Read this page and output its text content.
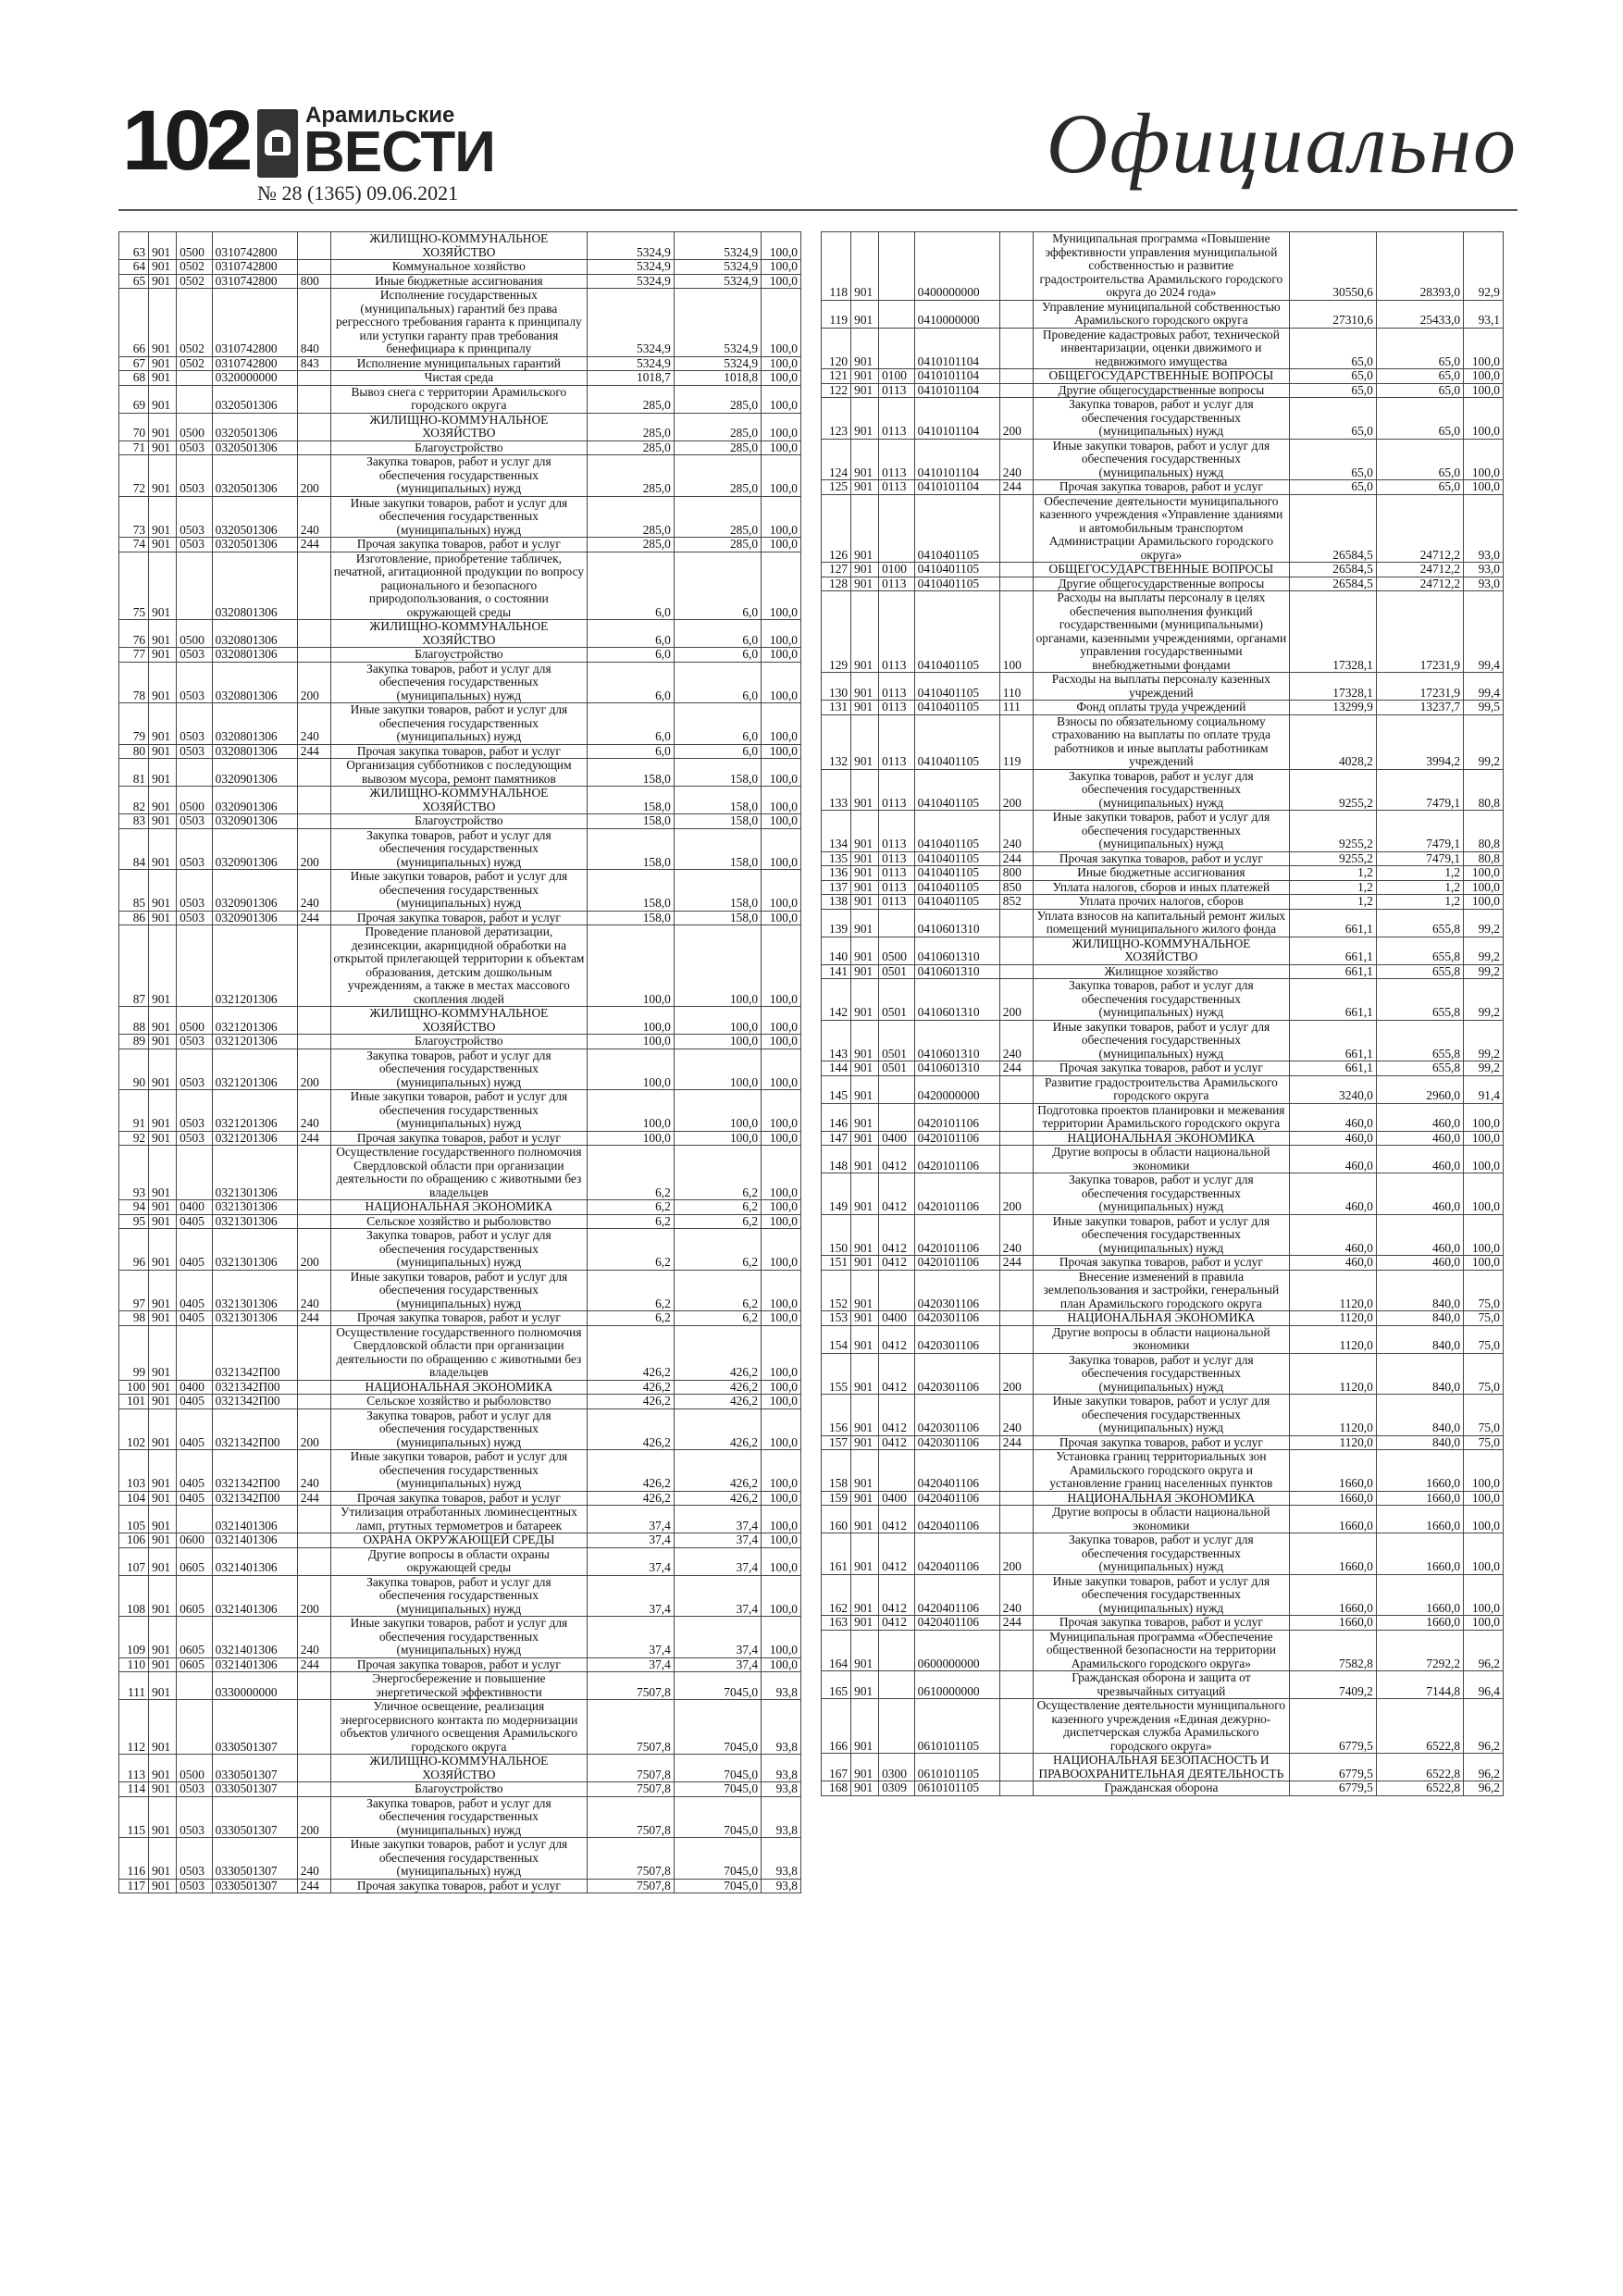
102	Арамильские
ВЕСТИ
№ 28 (1365) 09.06.2021
Официально
63	901	0500	0310742800		ЖИЛИЩНО-КОММУНАЛЬНОЕ ХОЗЯЙСТВО	5324,9	5324,9	100,0
64	901	0502	0310742800		Коммунальное хозяйство	5324,9	5324,9	100,0
65	901	0502	0310742800	800	Иные бюджетные ассигнования	5324,9	5324,9	100,0
66	901	0502	0310742800	840	Исполнение государственных (муниципальных) гарантий без права регрессного требования гаранта к принципалу или уступки гаранту прав требования бенефициара к принципалу	5324,9	5324,9	100,0
67	901	0502	0310742800	843	Исполнение муниципальных гарантий	5324,9	5324,9	100,0
68	901		0320000000		Чистая среда	1018,7	1018,8	100,0
69	901		0320501306		Вывоз снега с территории Арамильского городского округа	285,0	285,0	100,0
70	901	0500	0320501306		ЖИЛИЩНО-КОММУНАЛЬНОЕ ХОЗЯЙСТВО	285,0	285,0	100,0
71	901	0503	0320501306		Благоустройство	285,0	285,0	100,0
72	901	0503	0320501306	200	Закупка товаров, работ и услуг для обеспечения государственных (муниципальных) нужд	285,0	285,0	100,0
73	901	0503	0320501306	240	Иные закупки товаров, работ и услуг для обеспечения государственных (муниципальных) нужд	285,0	285,0	100,0
74	901	0503	0320501306	244	Прочая закупка товаров, работ и услуг	285,0	285,0	100,0
75	901		0320801306		Изготовление, приобретение табличек, печатной, агитационной продукции по вопросу рационального и безопасного природопользования, о состоянии окружающей среды	6,0	6,0	100,0
76	901	0500	0320801306		ЖИЛИЩНО-КОММУНАЛЬНОЕ ХОЗЯЙСТВО	6,0	6,0	100,0
77	901	0503	0320801306		Благоустройство	6,0	6,0	100,0
78	901	0503	0320801306	200	Закупка товаров, работ и услуг для обеспечения государственных (муниципальных) нужд	6,0	6,0	100,0
79	901	0503	0320801306	240	Иные закупки товаров, работ и услуг для обеспечения государственных (муниципальных) нужд	6,0	6,0	100,0
80	901	0503	0320801306	244	Прочая закупка товаров, работ и услуг	6,0	6,0	100,0
81	901		0320901306		Организация субботников с последующим вывозом мусора, ремонт памятников	158,0	158,0	100,0
82	901	0500	0320901306		ЖИЛИЩНО-КОММУНАЛЬНОЕ ХОЗЯЙСТВО	158,0	158,0	100,0
83	901	0503	0320901306		Благоустройство	158,0	158,0	100,0
84	901	0503	0320901306	200	Закупка товаров, работ и услуг для обеспечения государственных (муниципальных) нужд	158,0	158,0	100,0
85	901	0503	0320901306	240	Иные закупки товаров, работ и услуг для обеспечения государственных (муниципальных) нужд	158,0	158,0	100,0
86	901	0503	0320901306	244	Прочая закупка товаров, работ и услуг	158,0	158,0	100,0
87	901		0321201306		Проведение плановой дератизации, дезинсекции, акарицидной обработки на открытой прилегающей территории к объектам образования, детским дошкольным учреждениям, а также в местах массового скопления людей	100,0	100,0	100,0
88	901	0500	0321201306		ЖИЛИЩНО-КОММУНАЛЬНОЕ ХОЗЯЙСТВО	100,0	100,0	100,0
89	901	0503	0321201306		Благоустройство	100,0	100,0	100,0
90	901	0503	0321201306	200	Закупка товаров, работ и услуг для обеспечения государственных (муниципальных) нужд	100,0	100,0	100,0
91	901	0503	0321201306	240	Иные закупки товаров, работ и услуг для обеспечения государственных (муниципальных) нужд	100,0	100,0	100,0
92	901	0503	0321201306	244	Прочая закупка товаров, работ и услуг	100,0	100,0	100,0
93	901		0321301306		Осуществление государственного полномочия Свердловской области при организации деятельности по обращению с животными без владельцев	6,2	6,2	100,0
94	901	0400	0321301306		НАЦИОНАЛЬНАЯ ЭКОНОМИКА	6,2	6,2	100,0
95	901	0405	0321301306		Сельское хозяйство и рыболовство	6,2	6,2	100,0
96	901	0405	0321301306	200	Закупка товаров, работ и услуг для обеспечения государственных (муниципальных) нужд	6,2	6,2	100,0
97	901	0405	0321301306	240	Иные закупки товаров, работ и услуг для обеспечения государственных (муниципальных) нужд	6,2	6,2	100,0
98	901	0405	0321301306	244	Прочая закупка товаров, работ и услуг	6,2	6,2	100,0
99	901		0321342П00		Осуществление государственного полномочия Свердловской области при организации деятельности по обращению с животными без владельцев	426,2	426,2	100,0
100	901	0400	0321342П00		НАЦИОНАЛЬНАЯ ЭКОНОМИКА	426,2	426,2	100,0
101	901	0405	0321342П00		Сельское хозяйство и рыболовство	426,2	426,2	100,0
102	901	0405	0321342П00	200	Закупка товаров, работ и услуг для обеспечения государственных (муниципальных) нужд	426,2	426,2	100,0
103	901	0405	0321342П00	240	Иные закупки товаров, работ и услуг для обеспечения государственных (муниципальных) нужд	426,2	426,2	100,0
104	901	0405	0321342П00	244	Прочая закупка товаров, работ и услуг	426,2	426,2	100,0
105	901		0321401306		Утилизация отработанных люминесцентных ламп, ртутных термометров и батареек	37,4	37,4	100,0
106	901	0600	0321401306		ОХРАНА ОКРУЖАЮЩЕЙ СРЕДЫ	37,4	37,4	100,0
107	901	0605	0321401306		Другие вопросы в области охраны окружающей среды	37,4	37,4	100,0
108	901	0605	0321401306	200	Закупка товаров, работ и услуг для обеспечения государственных (муниципальных) нужд	37,4	37,4	100,0
109	901	0605	0321401306	240	Иные закупки товаров, работ и услуг для обеспечения государственных (муниципальных) нужд	37,4	37,4	100,0
110	901	0605	0321401306	244	Прочая закупка товаров, работ и услуг	37,4	37,4	100,0
111	901		0330000000		Энергосбережение и повышение энергетической эффективности	7507,8	7045,0	93,8
112	901		0330501307		Уличное освещение, реализация энергосервисного контакта по модернизации объектов уличного освещения Арамильского городского округа	7507,8	7045,0	93,8
113	901	0500	0330501307		ЖИЛИЩНО-КОММУНАЛЬНОЕ ХОЗЯЙСТВО	7507,8	7045,0	93,8
114	901	0503	0330501307		Благоустройство	7507,8	7045,0	93,8
115	901	0503	0330501307	200	Закупка товаров, работ и услуг для обеспечения государственных (муниципальных) нужд	7507,8	7045,0	93,8
116	901	0503	0330501307	240	Иные закупки товаров, работ и услуг для обеспечения государственных (муниципальных) нужд	7507,8	7045,0	93,8
117	901	0503	0330501307	244	Прочая закупка товаров, работ и услуг	7507,8	7045,0	93,8
118	901		0400000000		Муниципальная программа «Повышение эффективности управления муниципальной собственностью и развитие градостроительства Арамильского городского округа до 2024 года»	30550,6	28393,0	92,9
119	901		0410000000		Управление муниципальной собственностью Арамильского городского округа	27310,6	25433,0	93,1
120	901		0410101104		Проведение кадастровых работ, технической инвентаризации, оценки движимого и недвижимого имущества	65,0	65,0	100,0
121	901	0100	0410101104		ОБЩЕГОСУДАРСТВЕННЫЕ ВОПРОСЫ	65,0	65,0	100,0
122	901	0113	0410101104		Другие общегосударственные вопросы	65,0	65,0	100,0
123	901	0113	0410101104	200	Закупка товаров, работ и услуг для обеспечения государственных (муниципальных) нужд	65,0	65,0	100,0
124	901	0113	0410101104	240	Иные закупки товаров, работ и услуг для обеспечения государственных (муниципальных) нужд	65,0	65,0	100,0
125	901	0113	0410101104	244	Прочая закупка товаров, работ и услуг	65,0	65,0	100,0
126	901		0410401105		Обеспечение деятельности муниципального казенного учреждения «Управление зданиями и автомобильным транспортом Администрации Арамильского городского округа»	26584,5	24712,2	93,0
127	901	0100	0410401105		ОБЩЕГОСУДАРСТВЕННЫЕ ВОПРОСЫ	26584,5	24712,2	93,0
128	901	0113	0410401105		Другие общегосударственные вопросы	26584,5	24712,2	93,0
129	901	0113	0410401105	100	Расходы на выплаты персоналу в целях обеспечения выполнения функций государственными (муниципальными) органами, казенными учреждениями, органами управления государственными внебюджетными фондами	17328,1	17231,9	99,4
130	901	0113	0410401105	110	Расходы на выплаты персоналу казенных учреждений	17328,1	17231,9	99,4
131	901	0113	0410401105	111	Фонд оплаты труда учреждений	13299,9	13237,7	99,5
132	901	0113	0410401105	119	Взносы по обязательному социальному страхованию на выплаты по оплате труда работников и иные выплаты работникам учреждений	4028,2	3994,2	99,2
133	901	0113	0410401105	200	Закупка товаров, работ и услуг для обеспечения государственных (муниципальных) нужд	9255,2	7479,1	80,8
134	901	0113	0410401105	240	Иные закупки товаров, работ и услуг для обеспечения государственных (муниципальных) нужд	9255,2	7479,1	80,8
135	901	0113	0410401105	244	Прочая закупка товаров, работ и услуг	9255,2	7479,1	80,8
136	901	0113	0410401105	800	Иные бюджетные ассигнования	1,2	1,2	100,0
137	901	0113	0410401105	850	Уплата налогов, сборов и иных платежей	1,2	1,2	100,0
138	901	0113	0410401105	852	Уплата прочих налогов, сборов	1,2	1,2	100,0
139	901		0410601310		Уплата взносов на капитальный ремонт жилых помещений муниципального жилого фонда	661,1	655,8	99,2
140	901	0500	0410601310		ЖИЛИЩНО-КОММУНАЛЬНОЕ ХОЗЯЙСТВО	661,1	655,8	99,2
141	901	0501	0410601310		Жилищное хозяйство	661,1	655,8	99,2
142	901	0501	0410601310	200	Закупка товаров, работ и услуг для обеспечения государственных (муниципальных) нужд	661,1	655,8	99,2
143	901	0501	0410601310	240	Иные закупки товаров, работ и услуг для обеспечения государственных (муниципальных) нужд	661,1	655,8	99,2
144	901	0501	0410601310	244	Прочая закупка товаров, работ и услуг	661,1	655,8	99,2
145	901		0420000000		Развитие градостроительства Арамильского городского округа	3240,0	2960,0	91,4
146	901		0420101106		Подготовка проектов планировки и межевания территории Арамильского городского округа	460,0	460,0	100,0
147	901	0400	0420101106		НАЦИОНАЛЬНАЯ ЭКОНОМИКА	460,0	460,0	100,0
148	901	0412	0420101106		Другие вопросы в области национальной экономики	460,0	460,0	100,0
149	901	0412	0420101106	200	Закупка товаров, работ и услуг для обеспечения государственных (муниципальных) нужд	460,0	460,0	100,0
150	901	0412	0420101106	240	Иные закупки товаров, работ и услуг для обеспечения государственных (муниципальных) нужд	460,0	460,0	100,0
151	901	0412	0420101106	244	Прочая закупка товаров, работ и услуг	460,0	460,0	100,0
152	901		0420301106		Внесение изменений в правила землепользования и застройки, генеральный план Арамильского городского округа	1120,0	840,0	75,0
153	901	0400	0420301106		НАЦИОНАЛЬНАЯ ЭКОНОМИКА	1120,0	840,0	75,0
154	901	0412	0420301106		Другие вопросы в области национальной экономики	1120,0	840,0	75,0
155	901	0412	0420301106	200	Закупка товаров, работ и услуг для обеспечения государственных (муниципальных) нужд	1120,0	840,0	75,0
156	901	0412	0420301106	240	Иные закупки товаров, работ и услуг для обеспечения государственных (муниципальных) нужд	1120,0	840,0	75,0
157	901	0412	0420301106	244	Прочая закупка товаров, работ и услуг	1120,0	840,0	75,0
158	901		0420401106		Установка границ территориальных зон Арамильского городского округа и установление границ населенных пунктов	1660,0	1660,0	100,0
159	901	0400	0420401106		НАЦИОНАЛЬНАЯ ЭКОНОМИКА	1660,0	1660,0	100,0
160	901	0412	0420401106		Другие вопросы в области национальной экономики	1660,0	1660,0	100,0
161	901	0412	0420401106	200	Закупка товаров, работ и услуг для обеспечения государственных (муниципальных) нужд	1660,0	1660,0	100,0
162	901	0412	0420401106	240	Иные закупки товаров, работ и услуг для обеспечения государственных (муниципальных) нужд	1660,0	1660,0	100,0
163	901	0412	0420401106	244	Прочая закупка товаров, работ и услуг	1660,0	1660,0	100,0
164	901		0600000000		Муниципальная программа «Обеспечение общественной безопасности на территории Арамильского городского округа»	7582,8	7292,2	96,2
165	901		0610000000		Гражданская оборона и защита от чрезвычайных ситуаций	7409,2	7144,8	96,4
166	901		0610101105		Осуществление деятельности муниципального казенного учреждения «Единая дежурно-диспетчерская служба Арамильского городского округа»	6779,5	6522,8	96,2
167	901	0300	0610101105		НАЦИОНАЛЬНАЯ БЕЗОПАСНОСТЬ И ПРАВООХРАНИТЕЛЬНАЯ ДЕЯТЕЛЬНОСТЬ	6779,5	6522,8	96,2
168	901	0309	0610101105		Гражданская оборона	6779,5	6522,8	96,2
